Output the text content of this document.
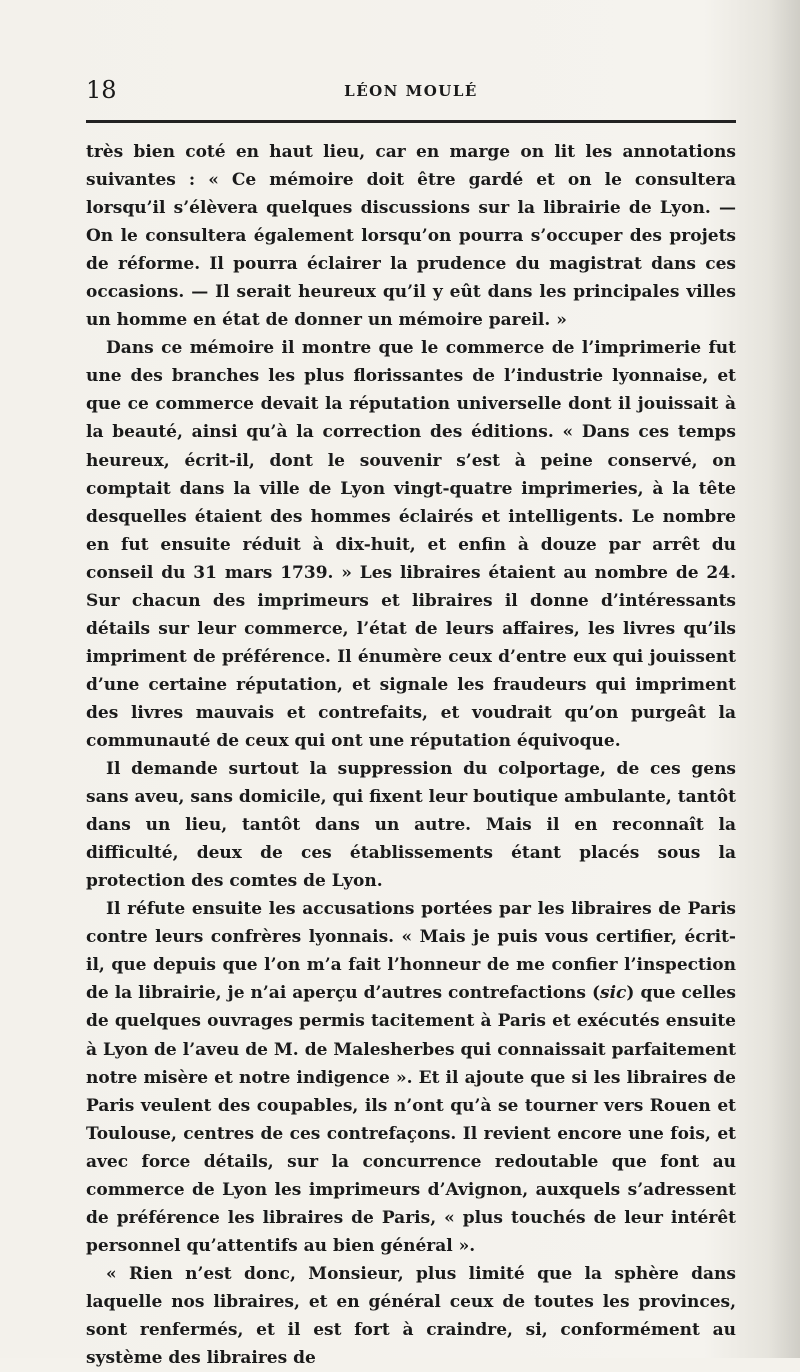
18	LÉON MOULÉ

très bien coté en haut lieu, car en marge on lit les annotations suivantes : « Ce mémoire doit être gardé et on le consultera lorsqu’il s’élèvera quelques discussions sur la librairie de Lyon. — On le consultera également lorsqu’on pourra s’occuper des projets de réforme. Il pourra éclairer la prudence du magistrat dans ces occasions. — Il serait heureux qu’il y eût dans les principales villes un homme en état de donner un mémoire pareil. »

Dans ce mémoire il montre que le commerce de l’imprimerie fut une des branches les plus florissantes de l’industrie lyonnaise, et que ce commerce devait la réputation universelle dont il jouissait à la beauté, ainsi qu’à la correction des éditions. « Dans ces temps heureux, écrit-il, dont le souvenir s’est à peine conservé, on comptait dans la ville de Lyon vingt-quatre imprimeries, à la tête desquelles étaient des hommes éclairés et intelligents. Le nombre en fut ensuite réduit à dix-huit, et enfin à douze par arrêt du conseil du 31 mars 1739. » Les libraires étaient au nombre de 24. Sur chacun des imprimeurs et libraires il donne d’intéressants détails sur leur commerce, l’état de leurs affaires, les livres qu’ils impriment de préférence. Il énumère ceux d’entre eux qui jouissent d’une certaine réputation, et signale les fraudeurs qui impriment des livres mauvais et contrefaits, et voudrait qu’on purgeât la communauté de ceux qui ont une réputation équivoque.

Il demande surtout la suppression du colportage, de ces gens sans aveu, sans domicile, qui fixent leur boutique ambulante, tantôt dans un lieu, tantôt dans un autre. Mais il en reconnaît la difficulté, deux de ces établissements étant placés sous la protection des comtes de Lyon.

Il réfute ensuite les accusations portées par les libraires de Paris contre leurs confrères lyonnais. « Mais je puis vous certifier, écrit-il, que depuis que l’on m’a fait l’honneur de me confier l’inspection de la librairie, je n’ai aperçu d’autres contrefactions (sic) que celles de quelques ouvrages permis tacitement à Paris et exécutés ensuite à Lyon de l’aveu de M. de Malesherbes qui connaissait parfaitement notre misère et notre indigence ». Et il ajoute que si les libraires de Paris veulent des coupables, ils n’ont qu’à se tourner vers Rouen et Toulouse, centres de ces contrefaçons. Il revient encore une fois, et avec force détails, sur la concurrence redoutable que font au commerce de Lyon les imprimeurs d’Avignon, auxquels s’adressent de préférence les libraires de Paris, « plus touchés de leur intérêt personnel qu’attentifs au bien général ».

« Rien n’est donc, Monsieur, plus limité que la sphère dans laquelle nos libraires, et en général ceux de toutes les provinces, sont renfermés, et il est fort à craindre, si, conformément au système des libraires de
